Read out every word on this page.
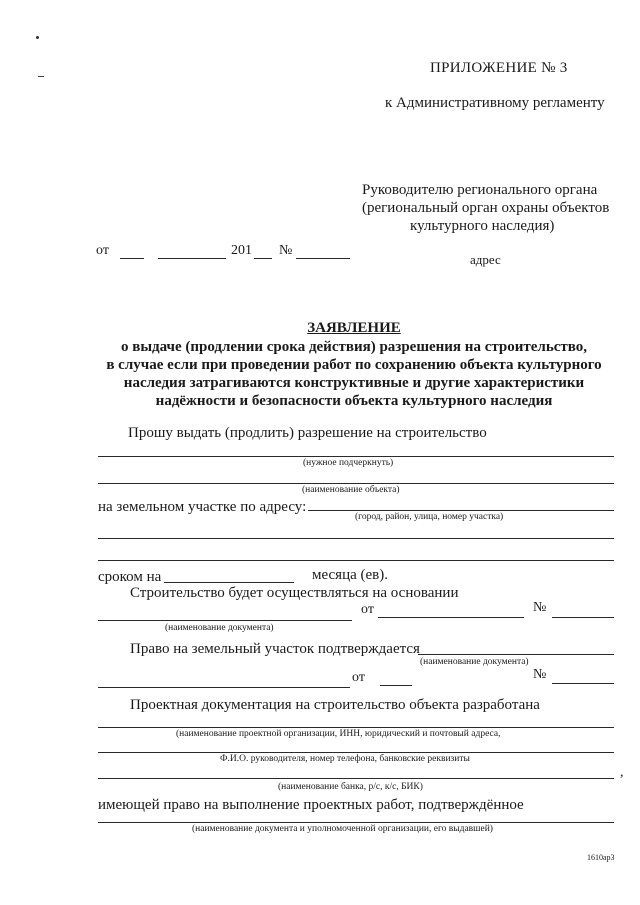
ПРИЛОЖЕНИЕ № 3
к Административному регламенту
Руководителю регионального органа
(региональный орган охраны объектов
культурного наследия)
от	201 №
адрес
ЗАЯВЛЕНИЕ
о выдаче (продлении срока действия) разрешения на строительство,
в случае если при проведении работ по сохранению объекта культурного
наследия затрагиваются конструктивные и другие характеристики
надёжности и безопасности объекта культурного наследия
Прошу выдать (продлить) разрешение на строительство
(нужное подчеркнуть)
(наименование объекта)
на земельном участке по адресу:
(город, район, улица, номер участка)
сроком на	месяца (ев).
Строительство будет осуществляться на основании
от	№
(наименование документа)
Право на земельный участок подтверждается
(наименование документа)
от	№
Проектная документация на строительство объекта разработана
(наименование проектной организации, ИНН, юридический и почтовый адреса,
Ф.И.О. руководителя, номер телефона, банковские реквизиты
,
(наименование банка, р/с, к/с, БИК)
имеющей право на выполнение проектных работ, подтверждённое
(наименование документа и уполномоченной организации, его выдавшей)
1610ар3
